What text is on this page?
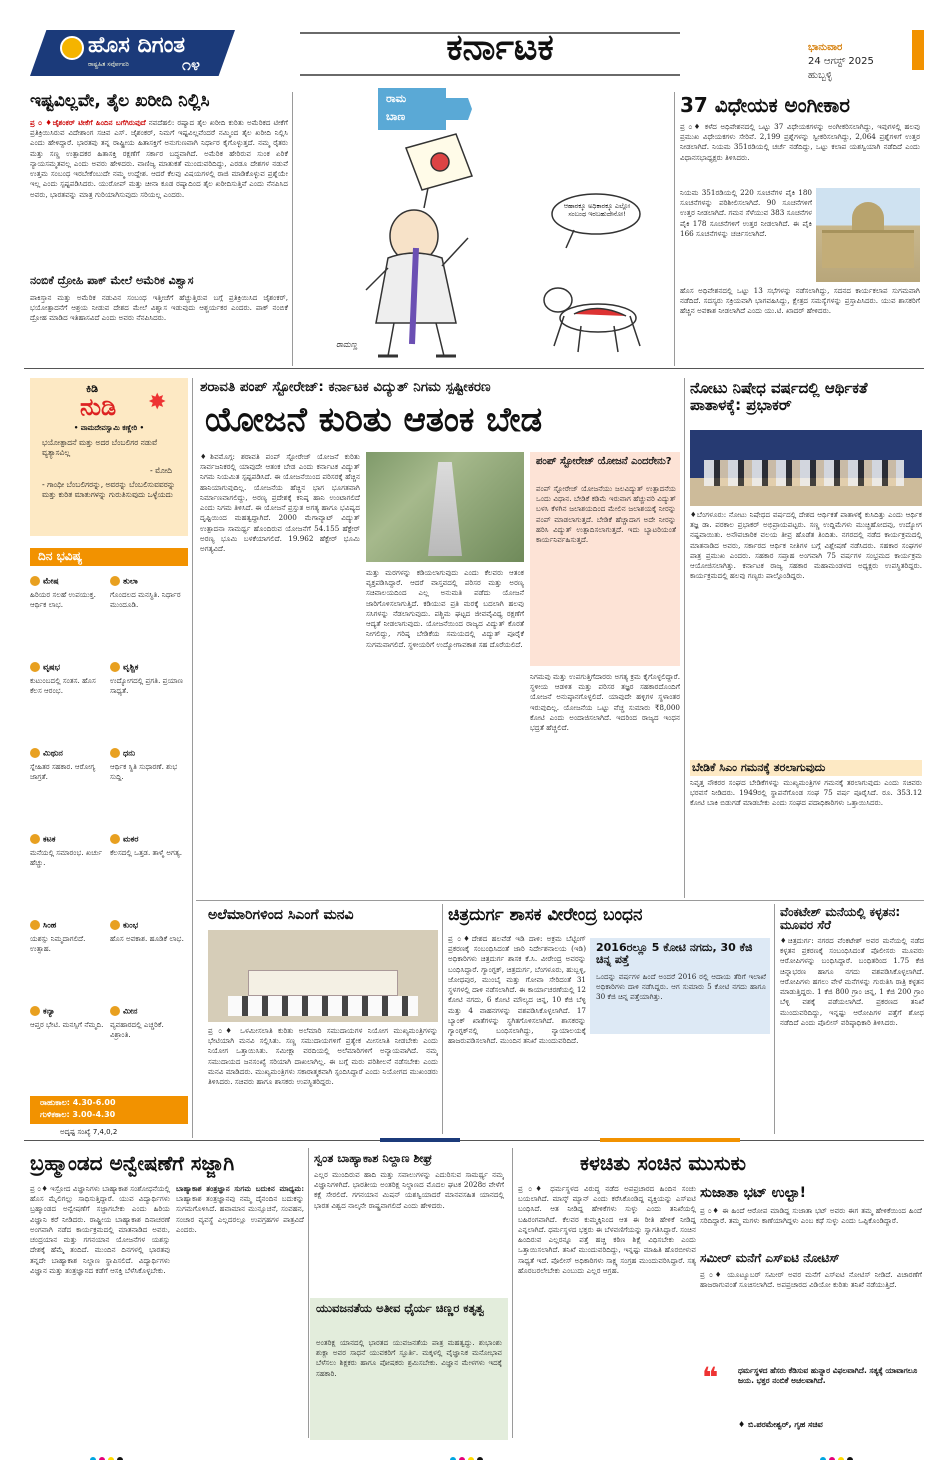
ಹೊಸ ದಿಗಂತ
ರಾಷ್ಟ್ರಹಿತ ಸರ್ವೋಪರಿ	೧೪	ಕರ್ನಾಟಕ	ಭಾನುವಾರ
24 ಆಗಸ್ಟ್ 2025
ಹುಬ್ಬಳ್ಳಿ
ಇಷ್ಟವಿಲ್ಲವೇ, ತೈಲ ಖರೀದಿ ನಿಲ್ಲಿಸಿ
ಪ್ರ ೦ ♦ಜೈಶಂಕರ್ ಟೀಕೆಗೆ ಹಿಂದಿನ ಬಗೆಗಿರುವುದೆ ನವದೆಹಲಿ: ರಷ್ಯಾದ ತೈಲ ಖರೀದಿ ಕುರಿತು ಅಮೆರಿಕದ ಟೀಕೆಗೆ ಪ್ರತಿಕ್ರಿಯಿಸಿರುವ ವಿದೇಶಾಂಗ ಸಚಿವ ಎಸ್. ಜೈಶಂಕರ್, ನಿಮಗೆ ಇಷ್ಟವಿಲ್ಲವೆಂದರೆ ನಮ್ಮಿಂದ ತೈಲ ಖರೀದಿ ನಿಲ್ಲಿಸಿ ಎಂದು ಹೇಳಿದ್ದಾರೆ. ಭಾರತವು ತನ್ನ ರಾಷ್ಟ್ರೀಯ ಹಿತಾಸಕ್ತಿಗೆ ಅನುಗುಣವಾಗಿ ನಿರ್ಧಾರ ಕೈಗೊಳ್ಳುತ್ತದೆ. ನಮ್ಮ ರೈತರು ಮತ್ತು ಸಣ್ಣ ಉತ್ಪಾದಕರ ಹಿತಾಸಕ್ತಿ ರಕ್ಷಣೆಗೆ ಸರ್ಕಾರ ಬದ್ಧವಾಗಿದೆ. ಅಮೆರಿಕ ಹೇರಿರುವ ಸುಂಕ ಏರಿಕೆ ನ್ಯಾಯಸಮ್ಮತವಲ್ಲ ಎಂದು ಅವರು ಹೇಳಿದರು. ವಾಣಿಜ್ಯ ಮಾತುಕತೆ ಮುಂದುವರಿದಿದ್ದು, ಎರಡೂ ದೇಶಗಳ ನಡುವೆ ಉತ್ತಮ ಸಂಬಂಧ ಇರಬೇಕೆಂಬುದೇ ನಮ್ಮ ಉದ್ದೇಶ. ಆದರೆ ಕೆಲವು ವಿಷಯಗಳಲ್ಲಿ ರಾಜಿ ಮಾಡಿಕೊಳ್ಳುವ ಪ್ರಶ್ನೆಯೇ ಇಲ್ಲ ಎಂದು ಸ್ಪಷ್ಟಪಡಿಸಿದರು. ಯುರೋಪ್ ಮತ್ತು ಚೀನಾ ಕೂಡ ರಷ್ಯಾದಿಂದ ತೈಲ ಖರೀದಿಸುತ್ತಿವೆ ಎಂದು ನೆನಪಿಸಿದ ಅವರು, ಭಾರತವನ್ನು ಮಾತ್ರ ಗುರಿಯಾಗಿಸುವುದು ಸರಿಯಲ್ಲ ಎಂದರು.
ನಂಬಿಕೆ ದ್ರೋಹಿ ಪಾಕ್ ಮೇಲೆ ಅಮೆರಿಕ ವಿಶ್ವಾಸ
ಪಾಕಿಸ್ತಾನ ಮತ್ತು ಅಮೆರಿಕ ನಡುವಿನ ಸಂಬಂಧ ಇತ್ತೀಚೆಗೆ ಹೆಚ್ಚುತ್ತಿರುವ ಬಗ್ಗೆ ಪ್ರತಿಕ್ರಿಯಿಸಿದ ಜೈಶಂಕರ್, ಭಯೋತ್ಪಾದನೆಗೆ ಆಶ್ರಯ ನೀಡುವ ದೇಶದ ಮೇಲೆ ವಿಶ್ವಾಸ ಇಡುವುದು ಆಶ್ಚರ್ಯಕರ ಎಂದರು. ಪಾಕ್ ನಂಬಿಕೆ ದ್ರೋಹ ಮಾಡಿದ ಇತಿಹಾಸವಿದೆ ಎಂದು ಅವರು ನೆನಪಿಸಿದರು.
ರಾಮ
ಬಾಣ
ಆಹಾರಕ್ಕೂ ಅಧಿಕಾರಕ್ಕೂ ಎಲ್ಲೋ ಸಂಬಂಧ ಇರಬಹುದೇನೋ!
ರಾಮಣ್ಣ
37 ವಿಧೇಯಕ ಅಂಗೀಕಾರ
ಪ್ರ ೦♦ ಕಳೆದ ಅಧಿವೇಶನದಲ್ಲಿ ಒಟ್ಟು 37 ವಿಧೇಯಕಗಳನ್ನು ಅಂಗೀಕರಿಸಲಾಗಿದ್ದು, ಇವುಗಳಲ್ಲಿ ಹಲವು ಪ್ರಮುಖ ವಿಧೇಯಕಗಳು ಸೇರಿವೆ. 2,199 ಪ್ರಶ್ನೆಗಳನ್ನು ಸ್ವೀಕರಿಸಲಾಗಿದ್ದು, 2,064 ಪ್ರಶ್ನೆಗಳಿಗೆ ಉತ್ತರ ನೀಡಲಾಗಿದೆ. ನಿಯಮ 351ರಡಿಯಲ್ಲಿ ಚರ್ಚೆ ನಡೆದಿದ್ದು, ಒಟ್ಟು ಕಲಾಪ ಯಶಸ್ವಿಯಾಗಿ ನಡೆದಿದೆ ಎಂದು ವಿಧಾನಸಭಾಧ್ಯಕ್ಷರು ತಿಳಿಸಿದರು.
ನಿಯಮ 351ರಡಿಯಲ್ಲಿ 220 ಸೂಚನೆಗಳ ಪೈಕಿ 180 ಸೂಚನೆಗಳನ್ನು ಪರಿಶೀಲಿಸಲಾಗಿದೆ. 90 ಸೂಚನೆಗಳಿಗೆ ಉತ್ತರ ನೀಡಲಾಗಿದೆ. ಗಮನ ಸೆಳೆಯುವ 383 ಸೂಚನೆಗಳ ಪೈಕಿ 178 ಸೂಚನೆಗಳಿಗೆ ಉತ್ತರ ನೀಡಲಾಗಿದೆ. ಈ ಪೈಕಿ 166 ಸೂಚನೆಗಳನ್ನು ಚರ್ಚಿಸಲಾಗಿದೆ.
ಹೊಸ ಅಧಿವೇಶನದಲ್ಲಿ ಒಟ್ಟು 13 ಸಭೆಗಳನ್ನು ನಡೆಸಲಾಗಿದ್ದು, ಸದನದ ಕಾರ್ಯಕಲಾಪ ಸುಗಮವಾಗಿ ನಡೆದಿದೆ. ಸದಸ್ಯರು ಸಕ್ರಿಯವಾಗಿ ಭಾಗವಹಿಸಿದ್ದು, ಕ್ಷೇತ್ರದ ಸಮಸ್ಯೆಗಳನ್ನು ಪ್ರಸ್ತಾಪಿಸಿದರು. ಯುವ ಶಾಸಕರಿಗೆ ಹೆಚ್ಚಿನ ಅವಕಾಶ ನೀಡಲಾಗಿದೆ ಎಂದು ಯು.ಟಿ. ಖಾದರ್ ಹೇಳಿದರು.
ಕಿಡಿ
ನುಡಿ ✸
• ವಾಮದೇವಸ್ವಾಮಿ ಕಣ್ಣೇರಿ •
ಭಯೋತ್ಪಾದನೆ ಮತ್ತು ಅದರ ಬೆಂಬಲಿಗರ ನಡುವೆ ವ್ಯತ್ಯಾಸವಿಲ್ಲ
- ಮೋದಿ
- ಗಾಂಧೀ ಬೆಂಬಲಿಗರನ್ನು, ಅವರನ್ನು ಬೆಂಬಲಿಸುವವರನ್ನು ಮತ್ತು ಕುರಿತ ಮಾತುಗಳನ್ನು ಗುರುತಿಸುವುದು ಒಳ್ಳೆಯದು
ದಿನ ಭವಿಷ್ಯ
ಮೇಷ
ಹಿರಿಯರ ಸಲಹೆ ಉಪಯುಕ್ತ. ಆರ್ಥಿಕ ಲಾಭ.
ತುಲಾ
ಗೊಂದಲದ ಮನಸ್ಥಿತಿ. ನಿರ್ಧಾರ ಮುಂದೂಡಿ.
ವೃಷಭ
ಕುಟುಂಬದಲ್ಲಿ ಸಂತಸ. ಹೊಸ ಕೆಲಸ ಆರಂಭ.
ವೃಶ್ಚಿಕ
ಉದ್ಯೋಗದಲ್ಲಿ ಪ್ರಗತಿ. ಪ್ರಯಾಣ ಸಾಧ್ಯತೆ.
ಮಿಥುನ
ಸ್ನೇಹಿತರ ಸಹಕಾರ. ಆರೋಗ್ಯ ಜಾಗ್ರತೆ.
ಧನು
ಆರ್ಥಿಕ ಸ್ಥಿತಿ ಸುಧಾರಣೆ. ಶುಭ ಸುದ್ದಿ.
ಕಟಕ
ಮನೆಯಲ್ಲಿ ಸಮಾರಂಭ. ಖರ್ಚು ಹೆಚ್ಚು.
ಮಕರ
ಕೆಲಸದಲ್ಲಿ ಒತ್ತಡ. ತಾಳ್ಮೆ ಅಗತ್ಯ.
ಸಿಂಹ
ಯಶಸ್ಸು ನಿಮ್ಮದಾಗಲಿದೆ. ಉತ್ಸಾಹ.
ಕುಂಭ
ಹೊಸ ಅವಕಾಶ. ಹೂಡಿಕೆ ಲಾಭ.
ಕನ್ಯಾ
ಆಪ್ತರ ಭೇಟಿ. ಮನಸ್ಸಿಗೆ ನೆಮ್ಮದಿ.
ಮೀನ
ವ್ಯವಹಾರದಲ್ಲಿ ಎಚ್ಚರಿಕೆ. ವಿಶ್ರಾಂತಿ.
ರಾಹುಕಾಲ: 4.30-6.00
ಗುಳಿಕಕಾಲ: 3.00-4.30
ಅದೃಷ್ಟ ಸಂಖ್ಯೆ 7,4,0,2
ಶರಾವತಿ ಪಂಪ್ ಸ್ಟೋರೇಜ್: ಕರ್ನಾಟಕ ವಿದ್ಯುತ್ ನಿಗಮ ಸ್ಪಷ್ಟೀಕರಣ
ಯೋಜನೆ ಕುರಿತು ಆತಂಕ ಬೇಡ
♦ಶಿವಮೊಗ್ಗ: ಶರಾವತಿ ಪಂಪ್ ಸ್ಟೋರೇಜ್ ಯೋಜನೆ ಕುರಿತು ಸಾರ್ವಜನಿಕರಲ್ಲಿ ಯಾವುದೇ ಆತಂಕ ಬೇಡ ಎಂದು ಕರ್ನಾಟಕ ವಿದ್ಯುತ್ ನಿಗಮ ನಿಯಮಿತ ಸ್ಪಷ್ಟಪಡಿಸಿದೆ. ಈ ಯೋಜನೆಯಿಂದ ಪರಿಸರಕ್ಕೆ ಹೆಚ್ಚಿನ ಹಾನಿಯಾಗುವುದಿಲ್ಲ. ಯೋಜನೆಯ ಹೆಚ್ಚಿನ ಭಾಗ ಭೂಗತವಾಗಿ ನಿರ್ಮಾಣವಾಗಲಿದ್ದು, ಅರಣ್ಯ ಪ್ರದೇಶಕ್ಕೆ ಕನಿಷ್ಠ ಹಾನಿ ಉಂಟಾಗಲಿದೆ ಎಂದು ನಿಗಮ ತಿಳಿಸಿದೆ. ಈ ಯೋಜನೆ ಪ್ರಸ್ತುತ ಅಗತ್ಯ ಹಾಗೂ ಭವಿಷ್ಯದ ದೃಷ್ಟಿಯಿಂದ ಮಹತ್ವದ್ದಾಗಿದೆ. 2000 ಮೆಗಾವ್ಯಾಟ್ ವಿದ್ಯುತ್ ಉತ್ಪಾದನಾ ಸಾಮರ್ಥ್ಯ ಹೊಂದಿರುವ ಯೋಜನೆಗೆ 54.155 ಹೆಕ್ಟೇರ್ ಅರಣ್ಯ ಭೂಮಿ ಬಳಕೆಯಾಗಲಿದೆ. 19.962 ಹೆಕ್ಟೇರ್ ಭೂಮಿ ಅಗತ್ಯವಿದೆ.
ಮತ್ತು ಮರಗಳನ್ನು ಕಡಿಯಲಾಗುವುದು ಎಂದು ಕೆಲವರು ಆತಂಕ ವ್ಯಕ್ತಪಡಿಸಿದ್ದಾರೆ. ಆದರೆ ವಾಸ್ತವದಲ್ಲಿ ಪರಿಸರ ಮತ್ತು ಅರಣ್ಯ ಸಚಿವಾಲಯದಿಂದ ಎಲ್ಲ ಅನುಮತಿ ಪಡೆದು ಯೋಜನೆ ಜಾರಿಗೊಳಿಸಲಾಗುತ್ತಿದೆ. ಕಡಿಯುವ ಪ್ರತಿ ಮರಕ್ಕೆ ಬದಲಾಗಿ ಹಲವು ಸಸಿಗಳನ್ನು ನೆಡಲಾಗುವುದು. ಪಶ್ಚಿಮ ಘಟ್ಟದ ಜೀವವೈವಿಧ್ಯ ರಕ್ಷಣೆಗೆ ಆದ್ಯತೆ ನೀಡಲಾಗುವುದು. ಯೋಜನೆಯಿಂದ ರಾಜ್ಯದ ವಿದ್ಯುತ್ ಕೊರತೆ ನೀಗಲಿದ್ದು, ಗರಿಷ್ಠ ಬೇಡಿಕೆಯ ಸಮಯದಲ್ಲಿ ವಿದ್ಯುತ್ ಪೂರೈಕೆ ಸುಗಮವಾಗಲಿದೆ. ಸ್ಥಳೀಯರಿಗೆ ಉದ್ಯೋಗಾವಕಾಶ ಸಹ ದೊರೆಯಲಿದೆ.
ಪಂಪ್ ಸ್ಟೋರೇಜ್ ಯೋಜನೆ ಎಂದರೇನು?
ಪಂಪ್ ಸ್ಟೋರೇಜ್ ಯೋಜನೆಯು ಜಲವಿದ್ಯುತ್ ಉತ್ಪಾದನೆಯ ಒಂದು ವಿಧಾನ. ಬೇಡಿಕೆ ಕಡಿಮೆ ಇರುವಾಗ ಹೆಚ್ಚುವರಿ ವಿದ್ಯುತ್ ಬಳಸಿ ಕೆಳಗಿನ ಜಲಾಶಯದಿಂದ ಮೇಲಿನ ಜಲಾಶಯಕ್ಕೆ ನೀರನ್ನು ಪಂಪ್ ಮಾಡಲಾಗುತ್ತದೆ. ಬೇಡಿಕೆ ಹೆಚ್ಚಾದಾಗ ಅದೇ ನೀರನ್ನು ಹರಿಸಿ ವಿದ್ಯುತ್ ಉತ್ಪಾದಿಸಲಾಗುತ್ತದೆ. ಇದು ಬ್ಯಾಟರಿಯಂತೆ ಕಾರ್ಯನಿರ್ವಹಿಸುತ್ತದೆ.
ನಿಗಮವು ಮತ್ತು ಉಪಗುತ್ತಿಗೆದಾರರು ಅಗತ್ಯ ಕ್ರಮ ಕೈಗೊಳ್ಳಲಿದ್ದಾರೆ. ಸ್ಥಳೀಯ ಆಡಳಿತ ಮತ್ತು ಪರಿಸರ ತಜ್ಞರ ಸಹಕಾರದೊಂದಿಗೆ ಯೋಜನೆ ಅನುಷ್ಠಾನಗೊಳ್ಳಲಿದೆ. ಯಾವುದೇ ಹಳ್ಳಿಗಳ ಸ್ಥಳಾಂತರ ಇರುವುದಿಲ್ಲ. ಯೋಜನೆಯ ಒಟ್ಟು ವೆಚ್ಚ ಸುಮಾರು ₹8,000 ಕೋಟಿ ಎಂದು ಅಂದಾಜಿಸಲಾಗಿದೆ. ಇದರಿಂದ ರಾಜ್ಯದ ಇಂಧನ ಭದ್ರತೆ ಹೆಚ್ಚಲಿದೆ.
ನೋಟು ನಿಷೇಧ ವರ್ಷದಲ್ಲಿ ಆರ್ಥಿಕತೆ ಪಾತಾಳಕ್ಕೆ: ಪ್ರಭಾಕರ್
♦ಬೆಂಗಳೂರು: ನೋಟು ನಿಷೇಧದ ವರ್ಷದಲ್ಲಿ ದೇಶದ ಆರ್ಥಿಕತೆ ಪಾತಾಳಕ್ಕೆ ಕುಸಿದಿತ್ತು ಎಂದು ಆರ್ಥಿಕ ತಜ್ಞ ಡಾ. ಪರಕಾಲ ಪ್ರಭಾಕರ್ ಅಭಿಪ್ರಾಯಪಟ್ಟರು. ಸಣ್ಣ ಉದ್ದಿಮೆಗಳು ಮುಚ್ಚಿಹೋದವು, ಉದ್ಯೋಗ ನಷ್ಟವಾಯಿತು. ಅನೌಪಚಾರಿಕ ವಲಯ ತೀವ್ರ ಹೊಡೆತ ತಿಂದಿತು. ನಗರದಲ್ಲಿ ನಡೆದ ಕಾರ್ಯಕ್ರಮದಲ್ಲಿ ಮಾತನಾಡಿದ ಅವರು, ಸರ್ಕಾರದ ಆರ್ಥಿಕ ನೀತಿಗಳ ಬಗ್ಗೆ ವಿಶ್ಲೇಷಣೆ ನಡೆಸಿದರು. ಸಹಕಾರ ಸಂಘಗಳ ಪಾತ್ರ ಪ್ರಮುಖ ಎಂದರು. ಸಹಕಾರ ಸಪ್ತಾಹ ಅಂಗವಾಗಿ 75 ವರ್ಷಗಳ ಸಂಭ್ರಮದ ಕಾರ್ಯಕ್ರಮ ಆಯೋಜಿಸಲಾಗಿತ್ತು. ಕರ್ನಾಟಕ ರಾಜ್ಯ ಸಹಕಾರ ಮಹಾಮಂಡಳದ ಅಧ್ಯಕ್ಷರು ಉಪಸ್ಥಿತರಿದ್ದರು. ಕಾರ್ಯಕ್ರಮದಲ್ಲಿ ಹಲವು ಗಣ್ಯರು ಪಾಲ್ಗೊಂಡಿದ್ದರು.
ಬೇಡಿಕೆ ಸಿಎಂ ಗಮನಕ್ಕೆ ತರಲಾಗುವುದು
ನಿವೃತ್ತ ನೌಕರರ ಸಂಘದ ಬೇಡಿಕೆಗಳನ್ನು ಮುಖ್ಯಮಂತ್ರಿಗಳ ಗಮನಕ್ಕೆ ತರಲಾಗುವುದು ಎಂದು ಸಚಿವರು ಭರವಸೆ ನೀಡಿದರು. 1949ರಲ್ಲಿ ಸ್ಥಾಪನೆಗೊಂಡ ಸಂಘ 75 ವರ್ಷ ಪೂರೈಸಿದೆ. ರೂ. 353.12 ಕೋಟಿ ಬಾಕಿ ಬಿಡುಗಡೆ ಮಾಡಬೇಕು ಎಂದು ಸಂಘದ ಪದಾಧಿಕಾರಿಗಳು ಒತ್ತಾಯಿಸಿದರು.
ಅಲೆಮಾರಿಗಳಿಂದ ಸಿಎಂಗೆ ಮನವಿ
ಪ್ರ ೦♦ ಒಳಮೀಸಲಾತಿ ಕುರಿತು ಅಲೆಮಾರಿ ಸಮುದಾಯಗಳ ನಿಯೋಗ ಮುಖ್ಯಮಂತ್ರಿಗಳನ್ನು ಭೇಟಿಯಾಗಿ ಮನವಿ ಸಲ್ಲಿಸಿತು. ಸಣ್ಣ ಸಮುದಾಯಗಳಿಗೆ ಪ್ರತ್ಯೇಕ ಮೀಸಲಾತಿ ನೀಡಬೇಕು ಎಂದು ನಿಯೋಗ ಒತ್ತಾಯಿಸಿತು. ಸಮೀಕ್ಷಾ ವರದಿಯಲ್ಲಿ ಅಲೆಮಾರಿಗಳಿಗೆ ಅನ್ಯಾಯವಾಗಿದೆ. ನಮ್ಮ ಸಮುದಾಯದ ಜನಸಂಖ್ಯೆ ಸರಿಯಾಗಿ ದಾಖಲಾಗಿಲ್ಲ. ಈ ಬಗ್ಗೆ ಮರು ಪರಿಶೀಲನೆ ನಡೆಸಬೇಕು ಎಂದು ಮನವಿ ಮಾಡಿದರು. ಮುಖ್ಯಮಂತ್ರಿಗಳು ಸಕಾರಾತ್ಮಕವಾಗಿ ಸ್ಪಂದಿಸಿದ್ದಾರೆ ಎಂದು ನಿಯೋಗದ ಮುಖಂಡರು ತಿಳಿಸಿದರು. ಸಚಿವರು ಹಾಗೂ ಶಾಸಕರು ಉಪಸ್ಥಿತರಿದ್ದರು.
ಚಿತ್ರದುರ್ಗ ಶಾಸಕ ವೀರೇಂದ್ರ ಬಂಧನ
ಪ್ರ ೦♦ದೇಶದ ಹಲವೆಡೆ ಇಡಿ ದಾಳಿ: ಅಕ್ರಮ ಬೆಟ್ಟಿಂಗ್ ಪ್ರಕರಣಕ್ಕೆ ಸಂಬಂಧಿಸಿದಂತೆ ಜಾರಿ ನಿರ್ದೇಶನಾಲಯ (ಇಡಿ) ಅಧಿಕಾರಿಗಳು ಚಿತ್ರದುರ್ಗ ಶಾಸಕ ಕೆ.ಸಿ. ವೀರೇಂದ್ರ ಅವರನ್ನು ಬಂಧಿಸಿದ್ದಾರೆ. ಗ್ಯಾಂಗ್ಟಕ್, ಚಿತ್ರದುರ್ಗ, ಬೆಂಗಳೂರು, ಹುಬ್ಬಳ್ಳಿ, ಜೋಧಪುರ, ಮುಂಬೈ ಮತ್ತು ಗೋವಾ ಸೇರಿದಂತೆ 31 ಸ್ಥಳಗಳಲ್ಲಿ ದಾಳಿ ನಡೆಸಲಾಗಿದೆ. ಈ ಕಾರ್ಯಾಚರಣೆಯಲ್ಲಿ 12 ಕೋಟಿ ನಗದು, 6 ಕೋಟಿ ಮೌಲ್ಯದ ಚಿನ್ನ, 10 ಕೆಜಿ ಬೆಳ್ಳಿ ಮತ್ತು 4 ವಾಹನಗಳನ್ನು ವಶಪಡಿಸಿಕೊಳ್ಳಲಾಗಿದೆ. 17 ಬ್ಯಾಂಕ್ ಖಾತೆಗಳನ್ನು ಸ್ಥಗಿತಗೊಳಿಸಲಾಗಿದೆ. ಶಾಸಕರನ್ನು ಗ್ಯಾಂಗ್ಟಕ್‌ನಲ್ಲಿ ಬಂಧಿಸಲಾಗಿದ್ದು, ನ್ಯಾಯಾಲಯಕ್ಕೆ ಹಾಜರುಪಡಿಸಲಾಗಿದೆ. ಮುಂದಿನ ತನಿಖೆ ಮುಂದುವರಿದಿದೆ.
2016ರಲ್ಲೂ 5 ಕೋಟಿ ನಗದು, 30 ಕೆಜಿ ಚಿನ್ನ ಪತ್ತೆ
ಒಂದನ್ನು ವರ್ಷಗಳ ಹಿಂದೆ ಅಂದರೆ 2016 ರಲ್ಲಿ ಆದಾಯ ತೆರಿಗೆ ಇಲಾಖೆ ಅಧಿಕಾರಿಗಳು ದಾಳಿ ನಡೆಸಿದ್ದರು. ಆಗ ಸುಮಾರು 5 ಕೋಟಿ ನಗದು ಹಾಗೂ 30 ಕೆಜಿ ಚಿನ್ನ ಪತ್ತೆಯಾಗಿತ್ತು.
ವೆಂಕಟೇಶ್ ಮನೆಯಲ್ಲಿ ಕಳ್ಳತನ: ಮೂವರ ಸೆರೆ
♦ಚಿತ್ರದುರ್ಗ: ನಗರದ ವೆಂಕಟೇಶ್ ಅವರ ಮನೆಯಲ್ಲಿ ನಡೆದ ಕಳ್ಳತನ ಪ್ರಕರಣಕ್ಕೆ ಸಂಬಂಧಿಸಿದಂತೆ ಪೊಲೀಸರು ಮೂವರು ಆರೋಪಿಗಳನ್ನು ಬಂಧಿಸಿದ್ದಾರೆ. ಬಂಧಿತರಿಂದ 1.75 ಕೆಜಿ ಚಿನ್ನಾಭರಣ ಹಾಗೂ ನಗದು ವಶಪಡಿಸಿಕೊಳ್ಳಲಾಗಿದೆ. ಆರೋಪಿಗಳು ಹಗಲು ವೇಳೆ ಮನೆಗಳನ್ನು ಗುರುತಿಸಿ ರಾತ್ರಿ ಕಳ್ಳತನ ಮಾಡುತ್ತಿದ್ದರು. 1 ಕೆಜಿ 800 ಗ್ರಾಂ ಚಿನ್ನ, 1 ಕೆಜಿ 200 ಗ್ರಾಂ ಬೆಳ್ಳಿ ವಶಕ್ಕೆ ಪಡೆಯಲಾಗಿದೆ. ಪ್ರಕರಣದ ತನಿಖೆ ಮುಂದುವರಿದಿದ್ದು, ಇನ್ನಷ್ಟು ಆರೋಪಿಗಳ ಪತ್ತೆಗೆ ಶೋಧ ನಡೆದಿದೆ ಎಂದು ಪೊಲೀಸ್ ವರಿಷ್ಠಾಧಿಕಾರಿ ತಿಳಿಸಿದರು.
ಬ್ರಹ್ಮಾಂಡದ ಅನ್ವೇಷಣೆಗೆ ಸಜ್ಜಾಗಿ
ಪ್ರ ೦♦ ಇಸ್ರೋದ ವಿಜ್ಞಾನಿಗಳು ಬಾಹ್ಯಾಕಾಶ ಸಂಶೋಧನೆಯಲ್ಲಿ ಹೊಸ ಮೈಲಿಗಲ್ಲು ಸಾಧಿಸುತ್ತಿದ್ದಾರೆ. ಯುವ ವಿದ್ಯಾರ್ಥಿಗಳು ಬ್ರಹ್ಮಾಂಡದ ಅನ್ವೇಷಣೆಗೆ ಸಜ್ಜಾಗಬೇಕು ಎಂದು ಹಿರಿಯ ವಿಜ್ಞಾನಿ ಕರೆ ನೀಡಿದರು. ರಾಷ್ಟ್ರೀಯ ಬಾಹ್ಯಾಕಾಶ ದಿನಾಚರಣೆ ಅಂಗವಾಗಿ ನಡೆದ ಕಾರ್ಯಕ್ರಮದಲ್ಲಿ ಮಾತನಾಡಿದ ಅವರು, ಚಂದ್ರಯಾನ ಮತ್ತು ಗಗನಯಾನ ಯೋಜನೆಗಳ ಯಶಸ್ಸು ದೇಶಕ್ಕೆ ಹೆಮ್ಮೆ ತಂದಿದೆ. ಮುಂದಿನ ದಿನಗಳಲ್ಲಿ ಭಾರತವು ತನ್ನದೇ ಬಾಹ್ಯಾಕಾಶ ನಿಲ್ದಾಣ ಸ್ಥಾಪಿಸಲಿದೆ. ವಿದ್ಯಾರ್ಥಿಗಳು ವಿಜ್ಞಾನ ಮತ್ತು ತಂತ್ರಜ್ಞಾನದ ಕಡೆಗೆ ಆಸಕ್ತಿ ಬೆಳೆಸಿಕೊಳ್ಳಬೇಕು.
ಬಾಹ್ಯಾಕಾಶ ತಂತ್ರಜ್ಞಾನ ಸುಗಮ ಬದುಕಿನ ಮಾಧ್ಯಮ: ಬಾಹ್ಯಾಕಾಶ ತಂತ್ರಜ್ಞಾನವು ನಮ್ಮ ದೈನಂದಿನ ಬದುಕನ್ನು ಸುಗಮಗೊಳಿಸಿದೆ. ಹವಾಮಾನ ಮುನ್ಸೂಚನೆ, ಸಂವಹನ, ಸಂಚಾರ ವ್ಯವಸ್ಥೆ ಎಲ್ಲದರಲ್ಲೂ ಉಪಗ್ರಹಗಳ ಪಾತ್ರವಿದೆ ಎಂದರು.
ಸ್ವಂತ ಬಾಹ್ಯಾಕಾಶ ನಿಲ್ದಾಣ ಶೀಘ್ರ
ಎಲ್ಲರ ಮುಂದಿರುವ ಹಾದಿ ಮತ್ತು ಸವಾಲುಗಳನ್ನು ಎದುರಿಸುವ ಸಾಮರ್ಥ್ಯ ನಮ್ಮ ವಿಜ್ಞಾನಿಗಳಿಗಿದೆ. ಭಾರತೀಯ ಅಂತರಿಕ್ಷ ನಿಲ್ದಾಣದ ಮೊದಲ ಘಟಕ 2028ರ ವೇಳೆಗೆ ಕಕ್ಷೆ ಸೇರಲಿದೆ. ಗಗನಯಾನ ಮಿಷನ್ ಯಶಸ್ವಿಯಾದರೆ ಮಾನವಸಹಿತ ಯಾನದಲ್ಲಿ ಭಾರತ ವಿಶ್ವದ ನಾಲ್ಕನೇ ರಾಷ್ಟ್ರವಾಗಲಿದೆ ಎಂದು ಹೇಳಿದರು.
ಯುವಜನತೆಯ ಅತೀವ ಧೈರ್ಯ ಚಿಣ್ಣರ ಕತೃತ್ವ
ಅಂತರಿಕ್ಷ ಯಾನದಲ್ಲಿ ಭಾರತದ ಯುವಜನತೆಯ ಪಾತ್ರ ಮಹತ್ವದ್ದು. ಶುಭಾಂಶು ಶುಕ್ಲಾ ಅವರ ಸಾಧನೆ ಯುವಕರಿಗೆ ಸ್ಫೂರ್ತಿ. ಮಕ್ಕಳಲ್ಲಿ ವೈಜ್ಞಾನಿಕ ಮನೋಭಾವ ಬೆಳೆಸಲು ಶಿಕ್ಷಕರು ಹಾಗೂ ಪೋಷಕರು ಶ್ರಮಿಸಬೇಕು. ವಿಜ್ಞಾನ ಮೇಳಗಳು ಇದಕ್ಕೆ ಸಹಕಾರಿ.
ಕಳಚಿತು ಸಂಚಿನ ಮುಸುಕು
ಪ್ರ ೦♦ ಧರ್ಮಸ್ಥಳದ ವಿರುದ್ಧ ನಡೆದ ಅಪಪ್ರಚಾರದ ಹಿಂದಿನ ಸಂಚು ಬಯಲಾಗಿದೆ. ಮಾಸ್ಕ್ ಮ್ಯಾನ್ ಎಂದು ಕರೆಸಿಕೊಂಡಿದ್ದ ವ್ಯಕ್ತಿಯನ್ನು ಎಸ್‌ಐಟಿ ಬಂಧಿಸಿದೆ. ಆತ ನೀಡಿದ್ದ ಹೇಳಿಕೆಗಳು ಸುಳ್ಳು ಎಂದು ತನಿಖೆಯಲ್ಲಿ ಬಹಿರಂಗವಾಗಿದೆ. ಕೆಲವರ ಕುಮ್ಮಕ್ಕಿನಿಂದ ಆತ ಈ ರೀತಿ ಹೇಳಿಕೆ ನೀಡಿದ್ದ ಎನ್ನಲಾಗಿದೆ. ಧರ್ಮಸ್ಥಳದ ಭಕ್ತರು ಈ ಬೆಳವಣಿಗೆಯನ್ನು ಸ್ವಾಗತಿಸಿದ್ದಾರೆ. ಸಂಚಿನ ಹಿಂದಿರುವ ಎಲ್ಲರನ್ನೂ ಪತ್ತೆ ಹಚ್ಚಿ ಕಠಿಣ ಶಿಕ್ಷೆ ವಿಧಿಸಬೇಕು ಎಂದು ಒತ್ತಾಯಿಸಲಾಗಿದೆ. ತನಿಖೆ ಮುಂದುವರಿದಿದ್ದು, ಇನ್ನಷ್ಟು ಮಾಹಿತಿ ಹೊರಬೀಳುವ ಸಾಧ್ಯತೆ ಇದೆ. ಪೊಲೀಸ್ ಅಧಿಕಾರಿಗಳು ಸಾಕ್ಷ್ಯ ಸಂಗ್ರಹ ಮುಂದುವರಿಸಿದ್ದಾರೆ. ಸತ್ಯ ಹೊರಬರಲೇಬೇಕು ಎಂಬುದು ಎಲ್ಲರ ಆಗ್ರಹ.
ಸುಜಾತಾ ಭಟ್ ಉಲ್ಟಾ!
ಪ್ರ ೦♦ ಈ ಹಿಂದೆ ಆರೋಪ ಮಾಡಿದ್ದ ಸುಜಾತಾ ಭಟ್ ಅವರು ಈಗ ತಮ್ಮ ಹೇಳಿಕೆಯಿಂದ ಹಿಂದೆ ಸರಿದಿದ್ದಾರೆ. ತಮ್ಮ ಮಗಳು ಕಾಣೆಯಾಗಿದ್ದಳು ಎಂಬ ಕಥೆ ಸುಳ್ಳು ಎಂದು ಒಪ್ಪಿಕೊಂಡಿದ್ದಾರೆ.
ಸಮೀರ್ ಮನೆಗೆ ಎಸ್‌ಐಟಿ ನೋಟಿಸ್
ಪ್ರ ೦♦ ಯೂಟ್ಯೂಬರ್ ಸಮೀರ್ ಅವರ ಮನೆಗೆ ಎಸ್‌ಐಟಿ ನೋಟಿಸ್ ನೀಡಿದೆ. ವಿಚಾರಣೆಗೆ ಹಾಜರಾಗುವಂತೆ ಸೂಚಿಸಲಾಗಿದೆ. ಅಪಪ್ರಚಾರದ ವಿಡಿಯೋ ಕುರಿತು ತನಿಖೆ ನಡೆಯುತ್ತಿದೆ.
❝	ಧರ್ಮಸ್ಥಳದ ಹೆಸರು ಕೆಡಿಸುವ ಹುನ್ನಾರ ವಿಫಲವಾಗಿದೆ. ಸತ್ಯಕ್ಕೆ ಯಾವಾಗಲೂ ಜಯ. ಭಕ್ತರ ನಂಬಿಕೆ ಅಚಲವಾಗಿದೆ.
♦ ಬಿ.ಪರಮೇಶ್ವರ್, ಗೃಹ ಸಚಿವ
